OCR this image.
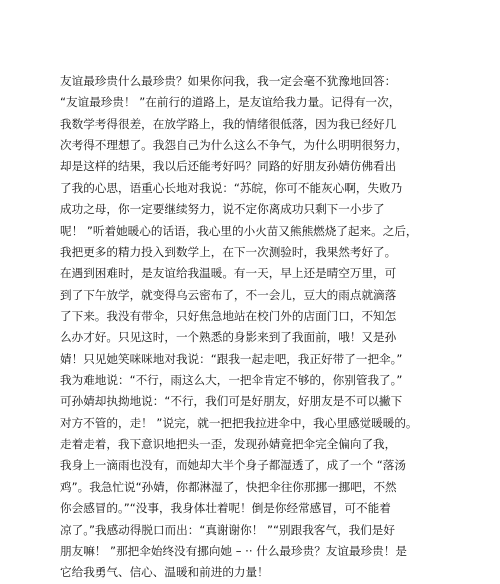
友谊最珍贵什么最珍贵？如果你问我，我一定会毫不犹豫地回答：
“友谊最珍贵！ ”在前行的道路上，是友谊给我力量。记得有一次，
我数学考得很差，在放学路上，我的情绪很低落，因为我已经好几
次考得不理想了。我怨自己为什么这么不争气，为什么明明很努力，
却是这样的结果，我以后还能考好吗？同路的好朋友孙婧仿佛看出
了我的心思，语重心长地对我说：“苏皖，你可不能灰心啊，失败乃
成功之母，你一定要继续努力，说不定你离成功只剩下一小步了
呢！ ”听着她暖心的话语，我心里的小火苗又熊熊燃烧了起来。之后，
我把更多的精力投入到数学上，在下一次测验时，我果然考好了。
在遇到困难时，是友谊给我温暖。有一天，早上还是晴空万里，可
到了下午放学，就变得乌云密布了，不一会儿，豆大的雨点就滴落
了下来。我没有带伞，只好焦急地站在校门外的店面门口，不知怎
么办才好。只见这时，一个熟悉的身影来到了我面前，哦！又是孙
婧！只见她笑咪咪地对我说：“跟我一起走吧，我正好带了一把伞。”
我为难地说：“不行，雨这么大，一把伞肯定不够的，你别管我了。”
可孙婧却执拗地说：“不行，我们可是好朋友，好朋友是不可以撇下
对方不管的，走！ ”说完，就一把把我拉进伞中，我心里感觉暖暖的。
走着走着，我下意识地把头一歪，发现孙婧竟把伞完全偏向了我，
我身上一滴雨也没有，而她却大半个身子都湿透了，成了一个 “落汤
鸡”。我急忙说“孙婧，你都淋湿了，快把伞往你那挪一挪吧，不然
你会感冒的。”“没事，我身体壮着呢！倒是你经常感冒，可不能着
凉了。”我感动得脱口而出：“真谢谢你！ ”“别跟我客气，我们是好
朋友嘛！ ”那把伞始终没有挪向她 – ·· 什么最珍贵？友谊最珍贵！是
它给我勇气、信心、温暖和前进的力量！
